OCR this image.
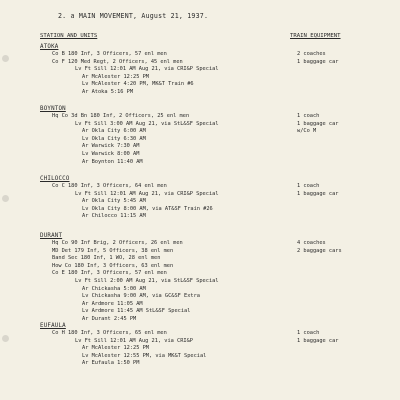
2. a MAIN MOVEMENT, August 21, 1937.
STATION AND UNITS	TRAIN EQUIPMENT
ATOKA
Co B 180 Inf, 3 Officers, 57 enl men
Co F 120 Med Regt, 2 Officers, 45 enl men
Lv Ft Sill 12:01 AM Aug 21, via CRI&P Special
Ar McAlester 12:25 PM
Lv McAlester 4:20 PM, MK&T Train #6
Ar Atoka 5:16 PM
2 coaches
1 baggage car
BOYNTON
Hq Co 3d Bn 180 Inf, 2 Officers, 25 enl men
Lv Ft Sill 3:00 AM Aug 21, via StL&SF Special
Ar Okla City 6:00 AM
Lv Okla City 6:30 AM
Ar Warwick 7:30 AM
Lv Warwick 8:00 AM
Ar Boynton 11:40 AM
1 coach
1 baggage car
w/Co M
CHILOCCO
Co C 180 Inf, 3 Officers, 64 enl men
Lv Ft Sill 12:01 AM Aug 21, via CRI&P Special
Ar Okla City 5:45 AM
Lv Okla City 8:00 AM, via AT&SF Train #26
Ar Chilocco 11:15 AM
1 coach
1 baggage car
DURANT
Hq Co 90 Inf Brig, 2 Officers, 26 enl men
MD Det 179 Inf, 5 Officers, 38 enl men
Band Sec 180 Inf, 1 WO, 28 enl men
How Co 180 Inf, 3 Officers, 63 enl men
Co E 180 Inf, 3 Officers, 57 enl men
Lv Ft Sill 2:00 AM Aug 21, via StL&SF Special
Ar Chickasha 5:00 AM
Lv Chickasha 9:00 AM, via GC&SF Extra
Ar Ardmore 11:05 AM
Lv Ardmore 11:45 AM StL&SF Special
Ar Durant 2:45 PM
4 coaches
2 baggage cars
EUFAULA
Co H 180 Inf, 3 Officers, 65 enl men
Lv Ft Sill 12:01 AM Aug 21, via CRI&P
Ar McAlester 12:25 PM
Lv McAlester 12:55 PM, via MK&T Special
Ar Eufaula 1:50 PM
1 coach
1 baggage car
